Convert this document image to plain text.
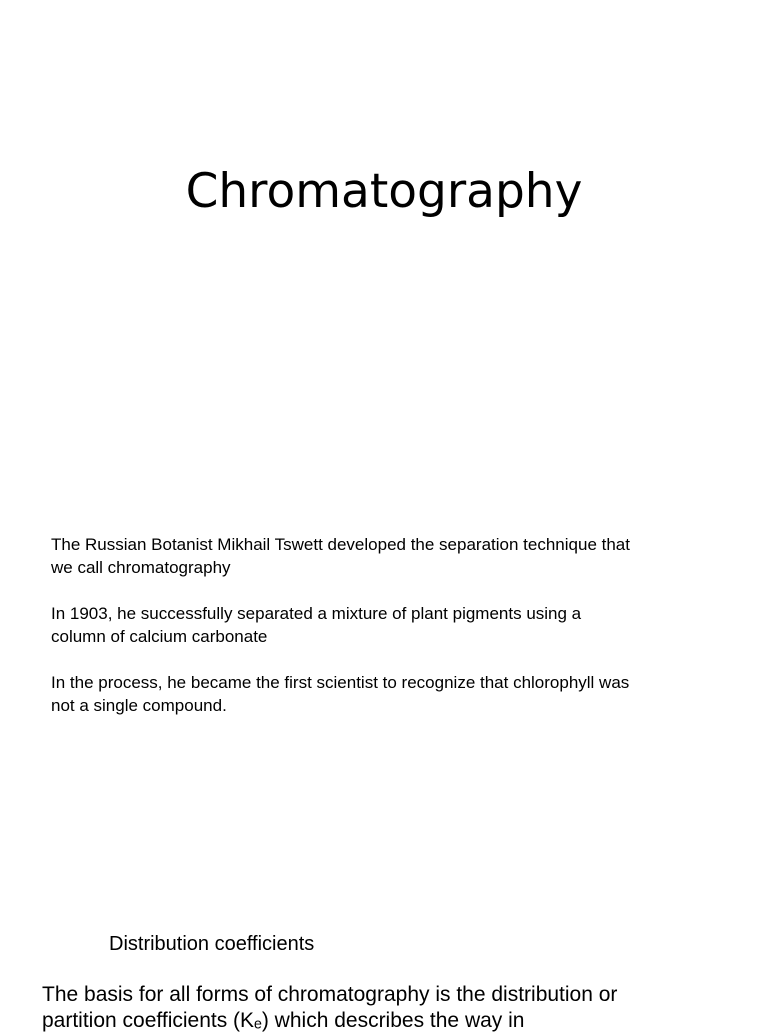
Chromatography

The Russian Botanist Mikhail Tswett developed the separation technique that we call chromatography

In 1903, he successfully separated a mixture of plant pigments using a column of calcium carbonate

In the process, he became the first scientist to recognize that chlorophyll was not a single compound.

Distribution coefficients

The basis for all forms of chromatography is the distribution or partition coefficients (Kₑ) which describes the way in
